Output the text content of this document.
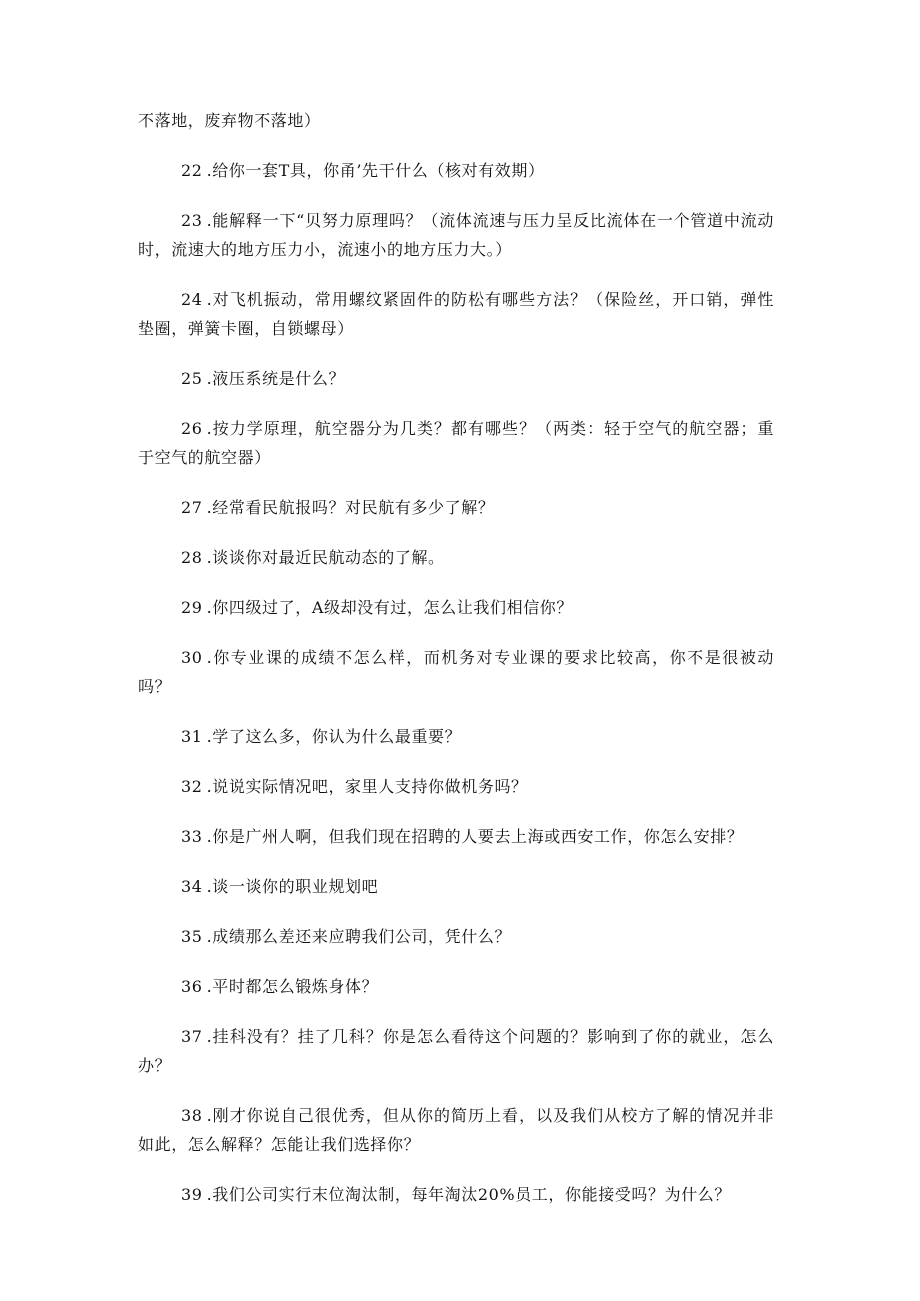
不落地，废弃物不落地）

22 .给你一套T具，你甬’先干什么（核对有效期）

23 .能解释一下“贝努力原理吗？（流体流速与压力呈反比流体在一个管道中流动时，流速大的地方压力小，流速小的地方压力大。）

24 .对飞机振动，常用螺纹紧固件的防松有哪些方法？（保险丝，开口销，弹性垫圈，弹簧卡圈，自锁螺母）

25 .液压系统是什么？

26 .按力学原理，航空器分为几类？都有哪些？（两类：轻于空气的航空器；重于空气的航空器）

27 .经常看民航报吗？对民航有多少了解？

28 .谈谈你对最近民航动态的了解。

29 .你四级过了，A级却没有过，怎么让我们相信你？

30 .你专业课的成绩不怎么样，而机务对专业课的要求比较高，你不是很被动吗？

31 .学了这么多，你认为什么最重要？

32 .说说实际情况吧，家里人支持你做机务吗？

33 .你是广州人啊，但我们现在招聘的人要去上海或西安工作，你怎么安排？

34 .谈一谈你的职业规划吧

35 .成绩那么差还来应聘我们公司，凭什么？

36 .平时都怎么锻炼身体？

37 .挂科没有？挂了几科？你是怎么看待这个问题的？影响到了你的就业，怎么办？

38 .刚才你说自己很优秀，但从你的简历上看，以及我们从校方了解的情况并非如此，怎么解释？怎能让我们选择你？

39 .我们公司实行末位淘汰制，每年淘汰20%员工，你能接受吗？为什么？
